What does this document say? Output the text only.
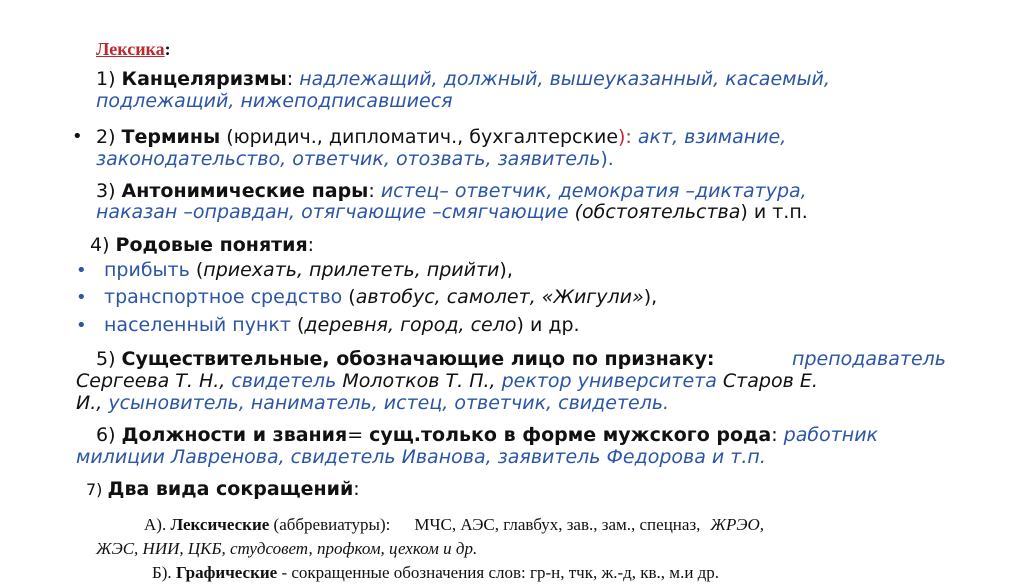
Лексика:
1) Канцеляризмы: надлежащий, должный, вышеуказанный, касаемый,
подлежащий, нижеподписавшиеся
• 2) Термины (юридич., дипломатич., бухгалтерские): акт, взимание,
законодательство, ответчик, отозвать, заявитель).
3) Антонимические пары: истец– ответчик, демократия –диктатура,
наказан –оправдан, отягчающие –смягчающие (обстоятельства) и т.п.
4) Родовые понятия:
• прибыть (приехать, прилететь, прийти),
• транспортное средство (автобус, самолет, «Жигули»),
• населенный пункт (деревня, город, село) и др.
5) Существительные, обозначающие лицо по признаку:	преподаватель
Сергеева Т. Н., свидетель Молотков Т. П., ректор университета Старов Е.
И., усыновитель, наниматель, истец, ответчик, свидетель.
6) Должности и звания= сущ.только в форме мужского рода: работник
милиции Лавренова, свидетель Иванова, заявитель Федорова и т.п.
7) Два вида сокращений:
А). Лексические (аббревиатуры): МЧС, АЭС, главбух, зав., зам., спецназ, ЖРЭО,
ЖЭС, НИИ, ЦКБ, студсовет, профком, цехком и др.
Б). Графические - сокращенные обозначения слов: гр-н, тчк, ж.-д, кв., м.и др.
